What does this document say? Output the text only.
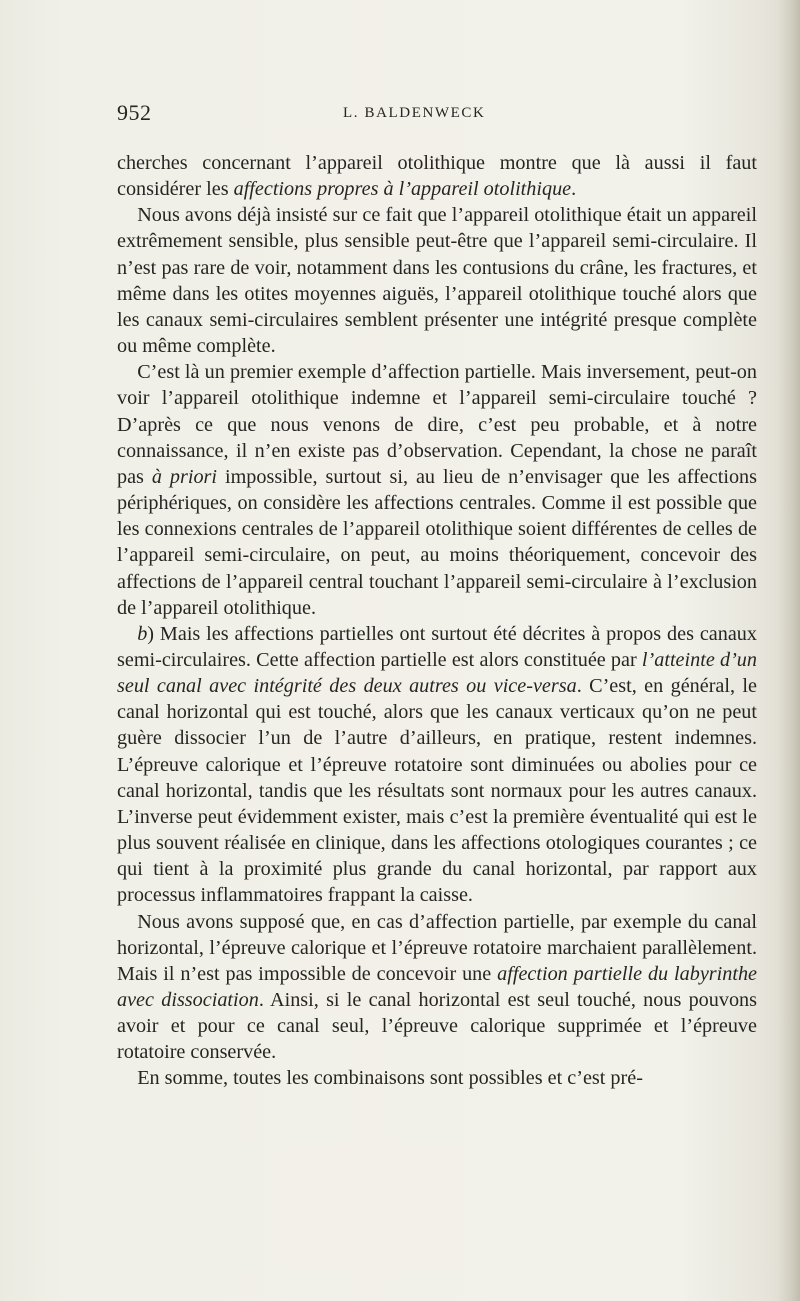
952	L. BALDENWECK

cherches concernant l’appareil otolithique montre que là aussi il faut considérer les affections propres à l’appareil otolithique.

Nous avons déjà insisté sur ce fait que l’appareil otolithique était un appareil extrêmement sensible, plus sensible peut-être que l’appareil semi-circulaire. Il n’est pas rare de voir, notamment dans les contusions du crâne, les fractures, et même dans les otites moyennes aiguës, l’appareil otolithique touché alors que les canaux semi-circulaires semblent présenter une intégrité presque complète ou même complète.

C’est là un premier exemple d’affection partielle. Mais inversement, peut-on voir l’appareil otolithique indemne et l’appareil semi-circulaire touché ? D’après ce que nous venons de dire, c’est peu probable, et à notre connaissance, il n’en existe pas d’observation. Cependant, la chose ne paraît pas à priori impossible, surtout si, au lieu de n’envisager que les affections périphériques, on considère les affections centrales. Comme il est possible que les connexions centrales de l’appareil otolithique soient différentes de celles de l’appareil semi-circulaire, on peut, au moins théoriquement, concevoir des affections de l’appareil central touchant l’appareil semi-circulaire à l’exclusion de l’appareil otolithique.

b) Mais les affections partielles ont surtout été décrites à propos des canaux semi-circulaires. Cette affection partielle est alors constituée par l’atteinte d’un seul canal avec intégrité des deux autres ou vice-versa. C’est, en général, le canal horizontal qui est touché, alors que les canaux verticaux qu’on ne peut guère dissocier l’un de l’autre d’ailleurs, en pratique, restent indemnes. L’épreuve calorique et l’épreuve rotatoire sont diminuées ou abolies pour ce canal horizontal, tandis que les résultats sont normaux pour les autres canaux. L’inverse peut évidemment exister, mais c’est la première éventualité qui est le plus souvent réalisée en clinique, dans les affections otologiques courantes ; ce qui tient à la proximité plus grande du canal horizontal, par rapport aux processus inflammatoires frappant la caisse.

Nous avons supposé que, en cas d’affection partielle, par exemple du canal horizontal, l’épreuve calorique et l’épreuve rotatoire marchaient parallèlement. Mais il n’est pas impossible de concevoir une affection partielle du labyrinthe avec dissociation. Ainsi, si le canal horizontal est seul touché, nous pouvons avoir et pour ce canal seul, l’épreuve calorique supprimée et l’épreuve rotatoire conservée.

En somme, toutes les combinaisons sont possibles et c’est pré-
